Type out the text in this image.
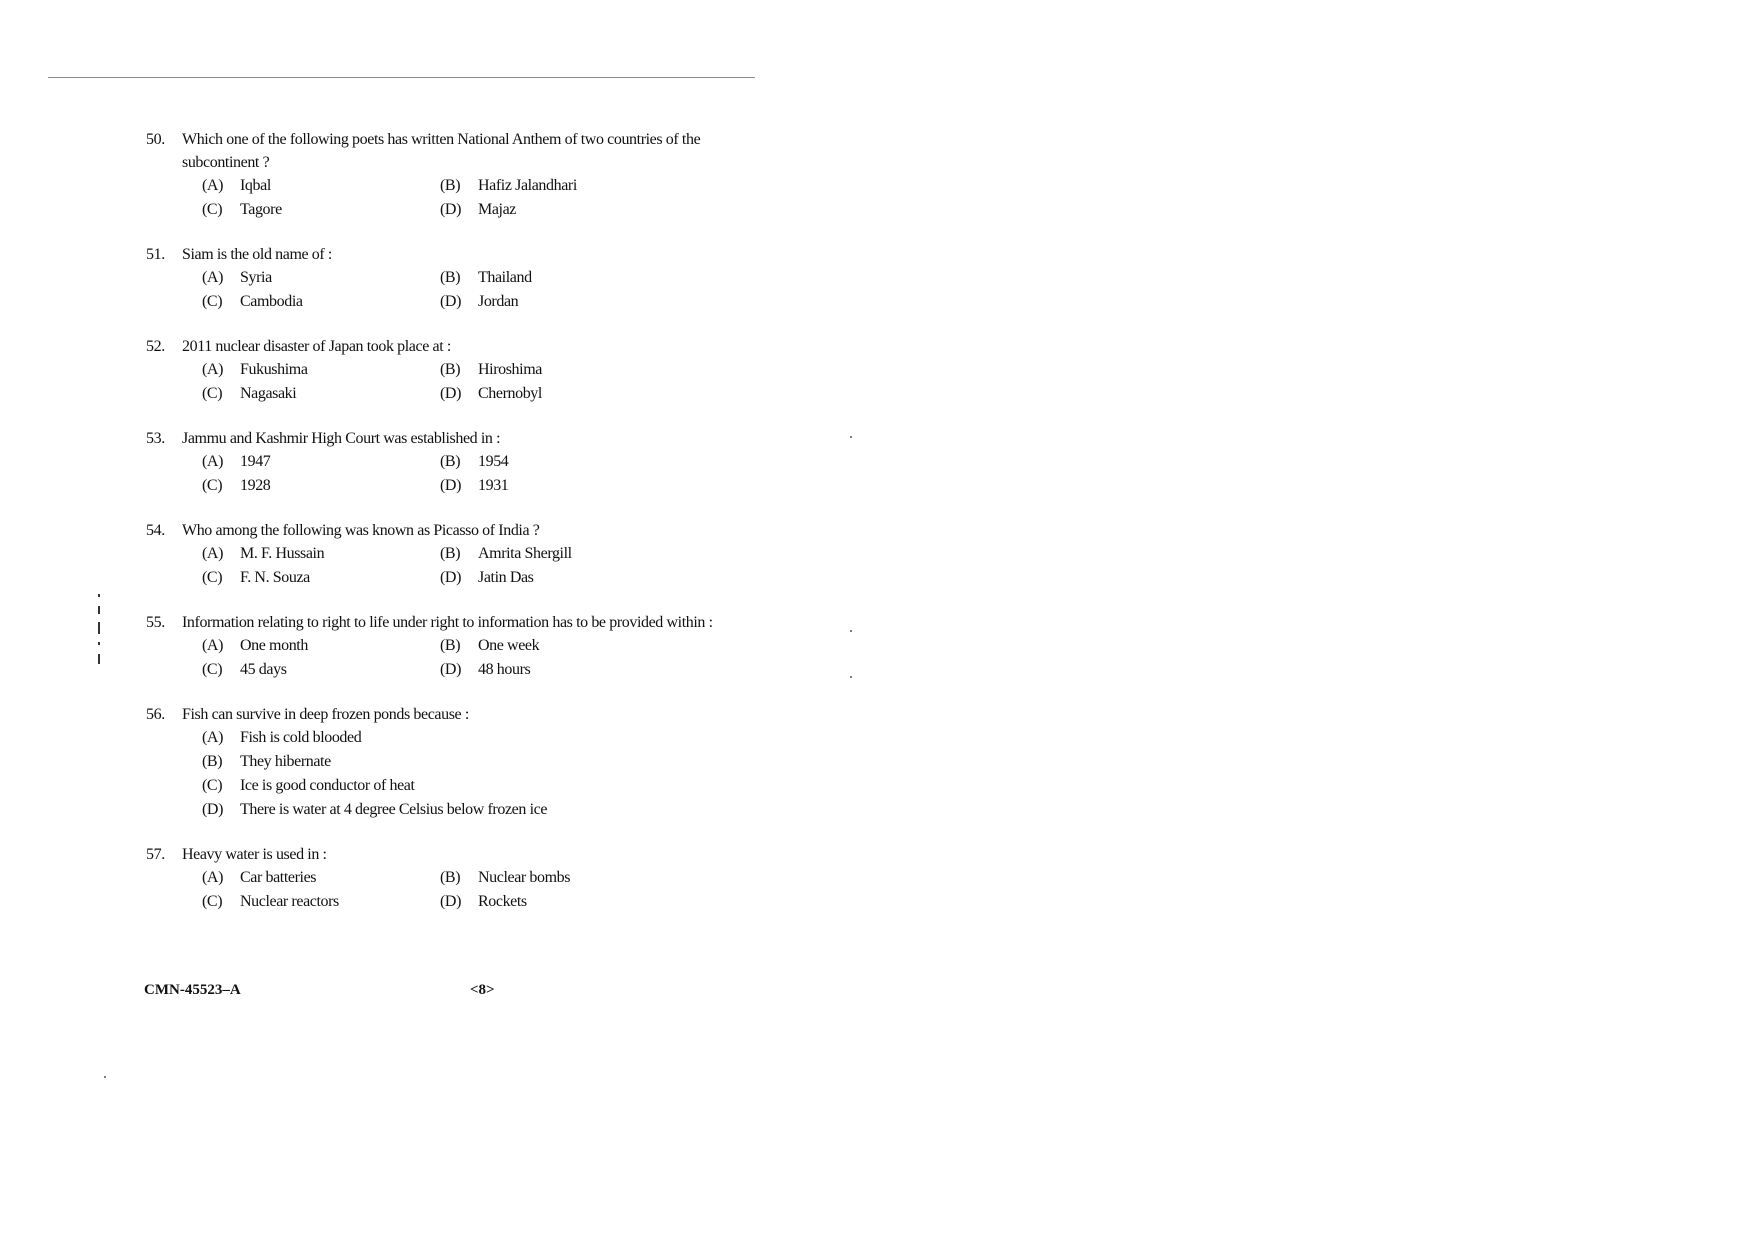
50.	Which one of the following poets has written National Anthem of two countries of the subcontinent ?
(A)	Iqbal	(B)	Hafiz Jalandhari
(C)	Tagore	(D)	Majaz
51.	Siam is the old name of :
(A)	Syria	(B)	Thailand
(C)	Cambodia	(D)	Jordan
52.	2011 nuclear disaster of Japan took place at :
(A)	Fukushima	(B)	Hiroshima
(C)	Nagasaki	(D)	Chernobyl
53.	Jammu and Kashmir High Court was established in :
(A)	1947	(B)	1954
(C)	1928	(D)	1931
54.	Who among the following was known as Picasso of India ?
(A)	M. F. Hussain	(B)	Amrita Shergill
(C)	F. N. Souza	(D)	Jatin Das
55.	Information relating to right to life under right to information has to be provided within :
(A)	One month	(B)	One week
(C)	45 days	(D)	48 hours
56.	Fish can survive in deep frozen ponds because :
(A)	Fish is cold blooded
(B)	They hibernate
(C)	Ice is good conductor of heat
(D)	There is water at 4 degree Celsius below frozen ice
57.	Heavy water is used in :
(A)	Car batteries	(B)	Nuclear bombs
(C)	Nuclear reactors	(D)	Rockets
CMN-45523–A	<8>
